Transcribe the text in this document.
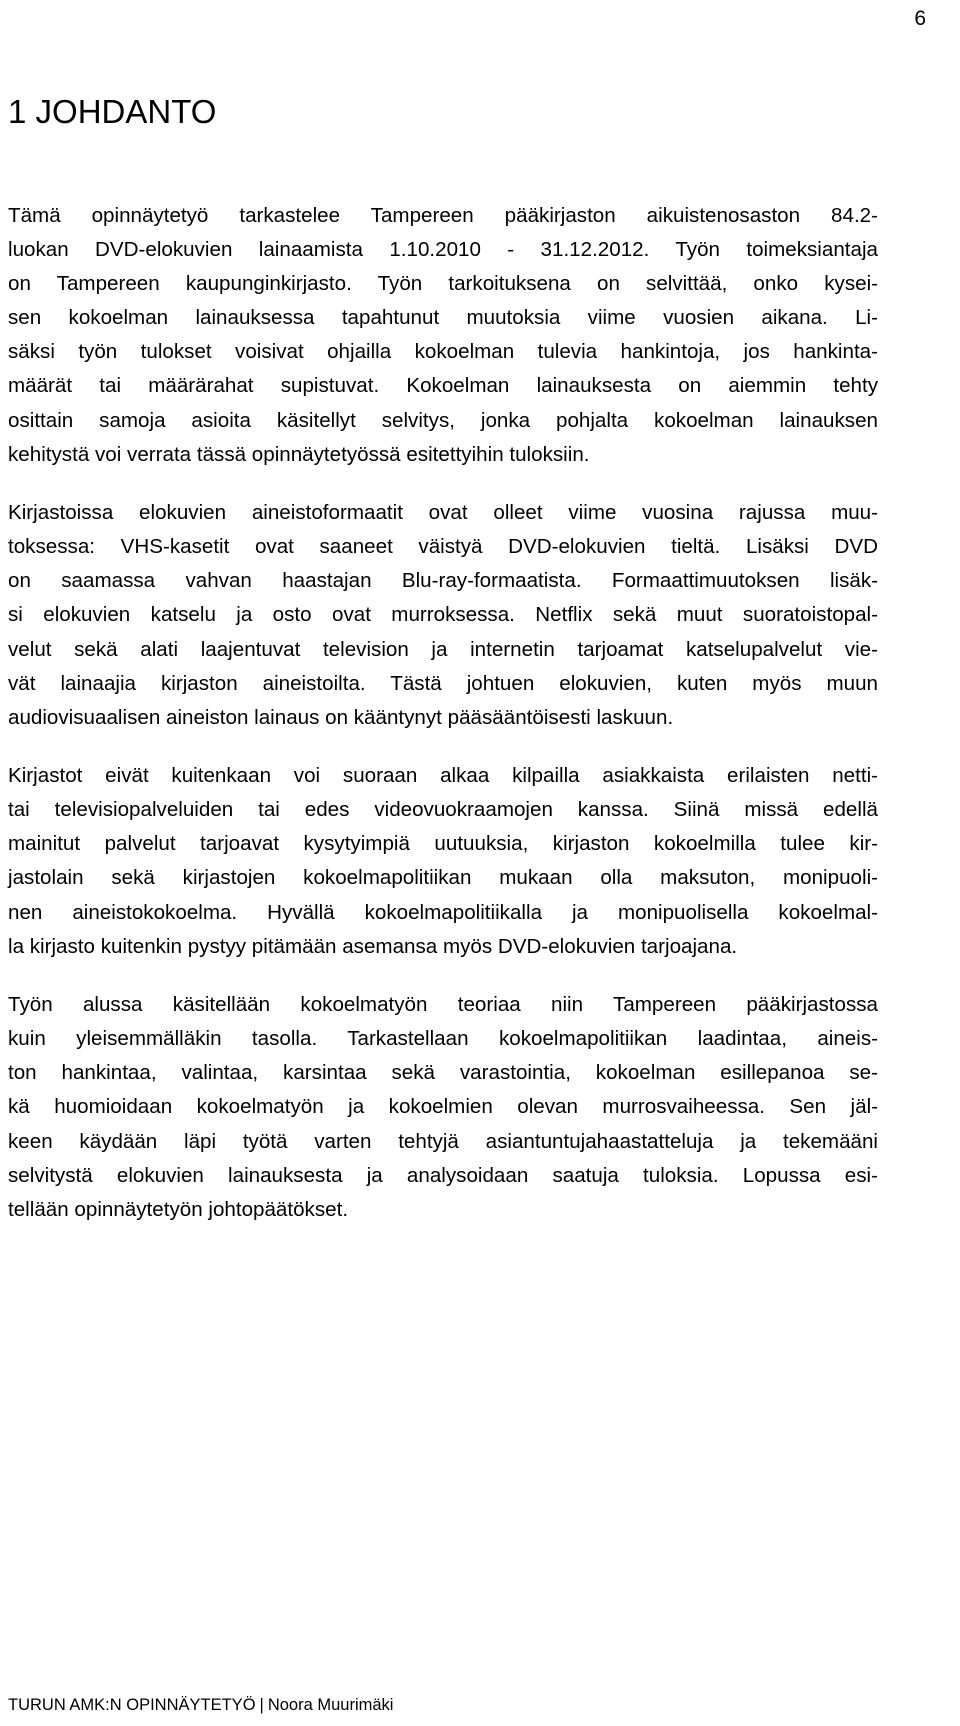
6
1 JOHDANTO
Tämä opinnäytetyö tarkastelee Tampereen pääkirjaston aikuistenosaston 84.2-
luokan DVD-elokuvien lainaamista 1.10.2010 - 31.12.2012. Työn toimeksiantaja
on Tampereen kaupunginkirjasto. Työn tarkoituksena on selvittää, onko kysei-
sen kokoelman lainauksessa tapahtunut muutoksia viime vuosien aikana. Li-
säksi työn tulokset voisivat ohjailla kokoelman tulevia hankintoja, jos hankinta-
määrät tai määrärahat supistuvat. Kokoelman lainauksesta on aiemmin tehty
osittain samoja asioita käsitellyt selvitys, jonka pohjalta kokoelman lainauksen
kehitystä voi verrata tässä opinnäytetyössä esitettyihin tuloksiin.
Kirjastoissa elokuvien aineistoformaatit ovat olleet viime vuosina rajussa muu-
toksessa: VHS-kasetit ovat saaneet väistyä DVD-elokuvien tieltä. Lisäksi DVD
on saamassa vahvan haastajan Blu-ray-formaatista. Formaattimuutoksen lisäk-
si elokuvien katselu ja osto ovat murroksessa. Netflix sekä muut suoratoistopal-
velut sekä alati laajentuvat television ja internetin tarjoamat katselupalvelut vie-
vät lainaajia kirjaston aineistoilta. Tästä johtuen elokuvien, kuten myös muun
audiovisuaalisen aineiston lainaus on kääntynyt pääsääntöisesti laskuun.
Kirjastot eivät kuitenkaan voi suoraan alkaa kilpailla asiakkaista erilaisten netti-
tai televisiopalveluiden tai edes videovuokraamojen kanssa. Siinä missä edellä
mainitut palvelut tarjoavat kysytyimpiä uutuuksia, kirjaston kokoelmilla tulee kir-
jastolain sekä kirjastojen kokoelmapolitiikan mukaan olla maksuton, monipuoli-
nen aineistokokoelma. Hyvällä kokoelmapolitiikalla ja monipuolisella kokoelmal-
la kirjasto kuitenkin pystyy pitämään asemansa myös DVD-elokuvien tarjoajana.
Työn alussa käsitellään kokoelmatyön teoriaa niin Tampereen pääkirjastossa
kuin yleisemmälläkin tasolla. Tarkastellaan kokoelmapolitiikan laadintaa, aineis-
ton hankintaa, valintaa, karsintaa sekä varastointia, kokoelman esillepanoa se-
kä huomioidaan kokoelmatyön ja kokoelmien olevan murrosvaiheessa. Sen jäl-
keen käydään läpi työtä varten tehtyjä asiantuntujahaastatteluja ja tekemääni
selvitystä elokuvien lainauksesta ja analysoidaan saatuja tuloksia. Lopussa esi-
tellään opinnäytetyön johtopäätökset.
TURUN AMK:N OPINNÄYTETYÖ | Noora Muurimäki
